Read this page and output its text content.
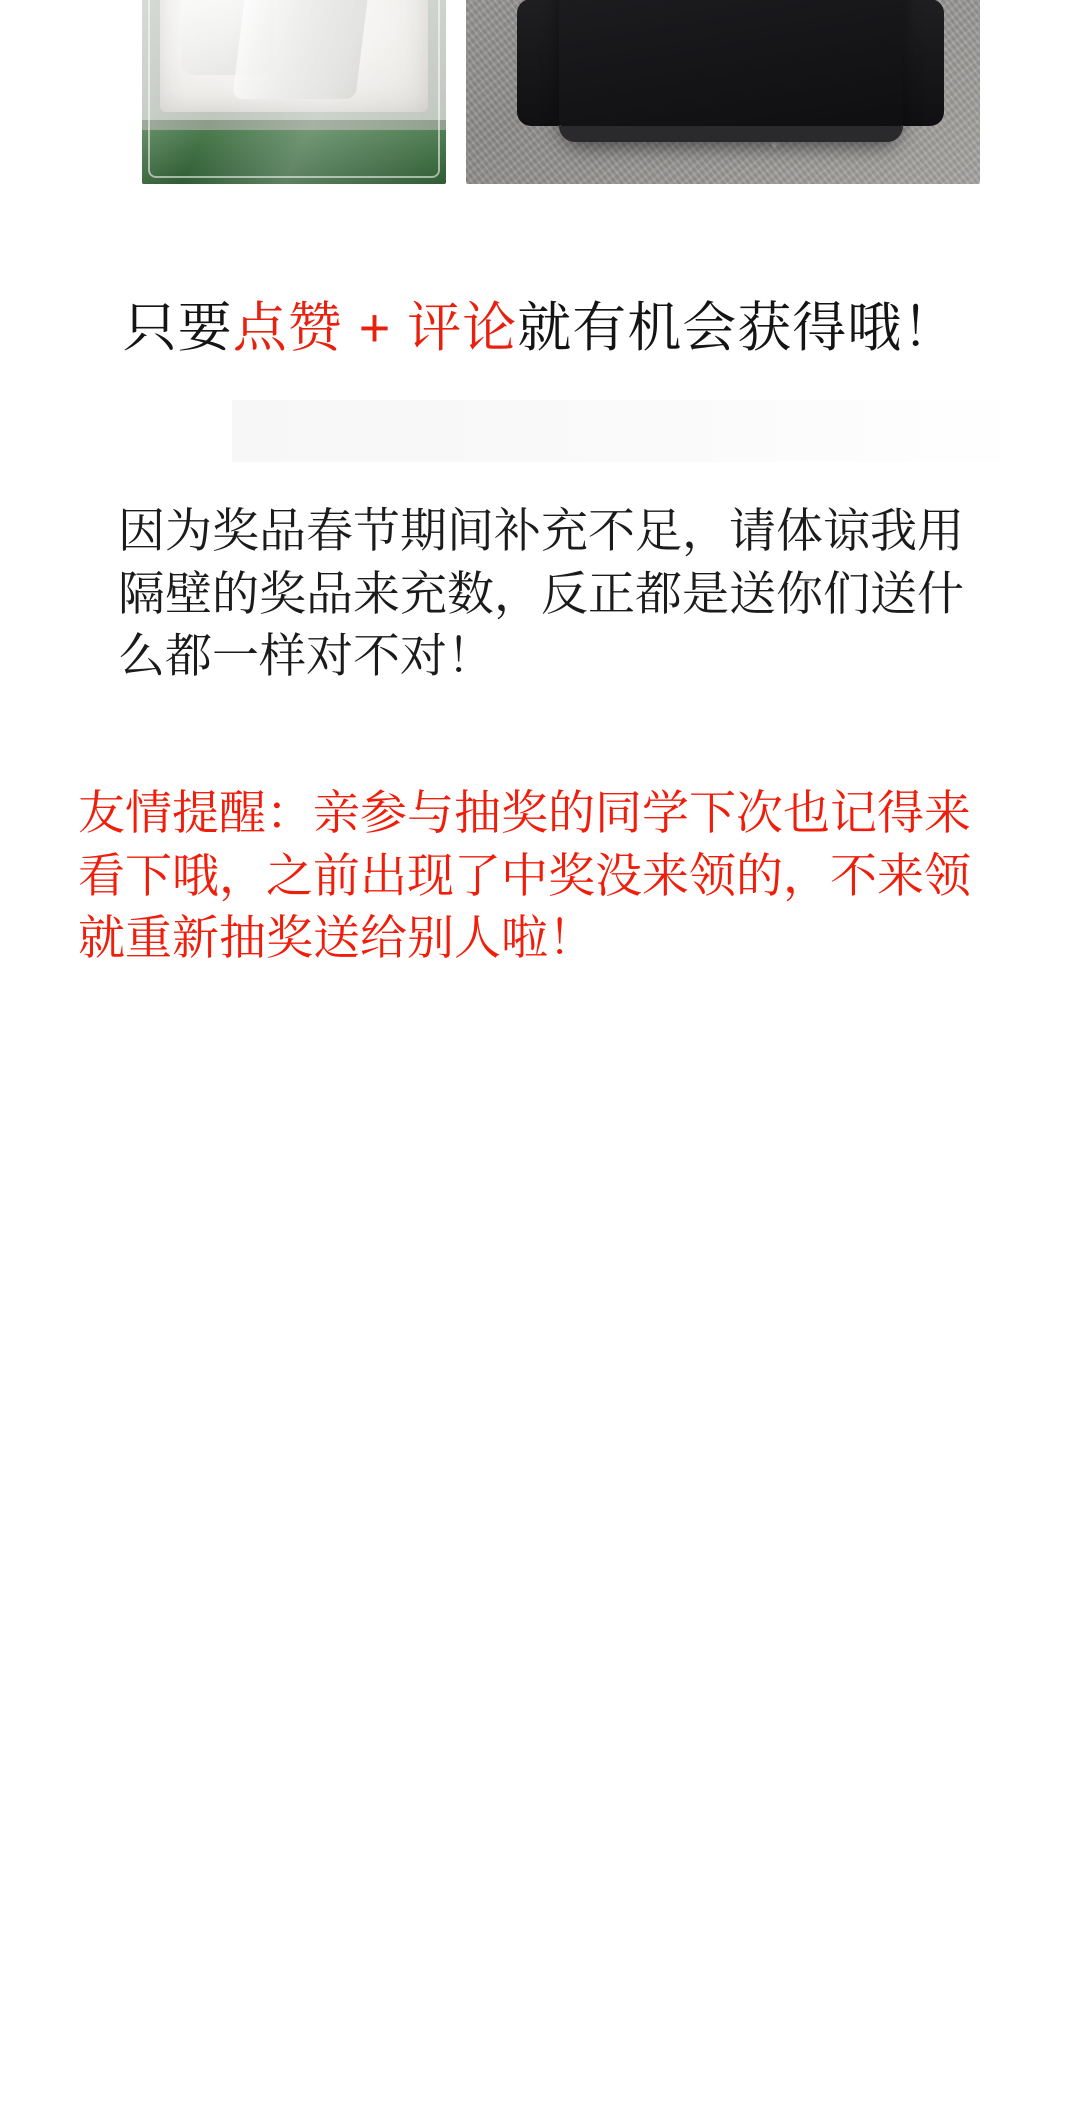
只要点赞 + 评论就有机会获得哦！
因为奖品春节期间补充不足，请体谅我用隔壁的奖品来充数，反正都是送你们送什么都一样对不对！
友情提醒：亲参与抽奖的同学下次也记得来看下哦，之前出现了中奖没来领的，不来领就重新抽奖送给别人啦！
